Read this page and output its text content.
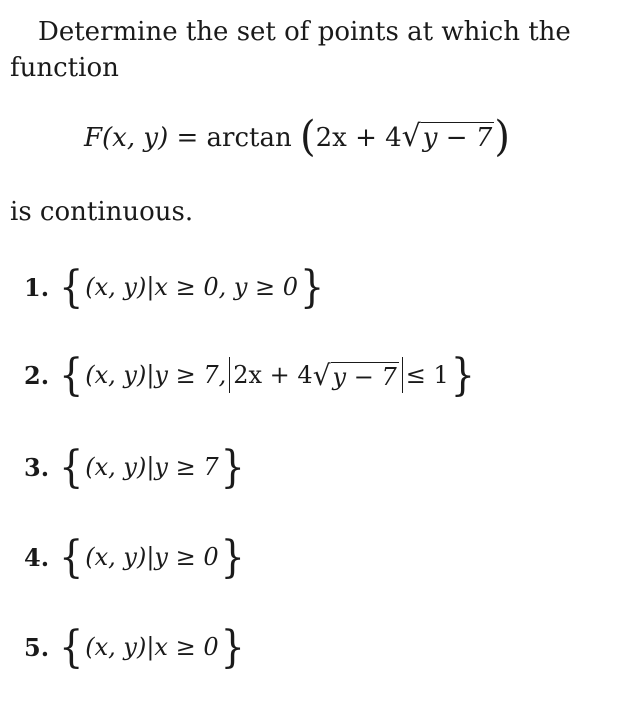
Determine the set of points at which the
function
F(x, y) = arctan (2x + 4√y − 7)
is continuous.
1. { (x, y)|x ≥ 0, y ≥ 0 }
2. { (x, y)|y ≥ 7, 2x + 4 √y − 7 ≤ 1 }
3. { (x, y)|y ≥ 7 }
4. { (x, y)|y ≥ 0 }
5. { (x, y)|x ≥ 0 }
